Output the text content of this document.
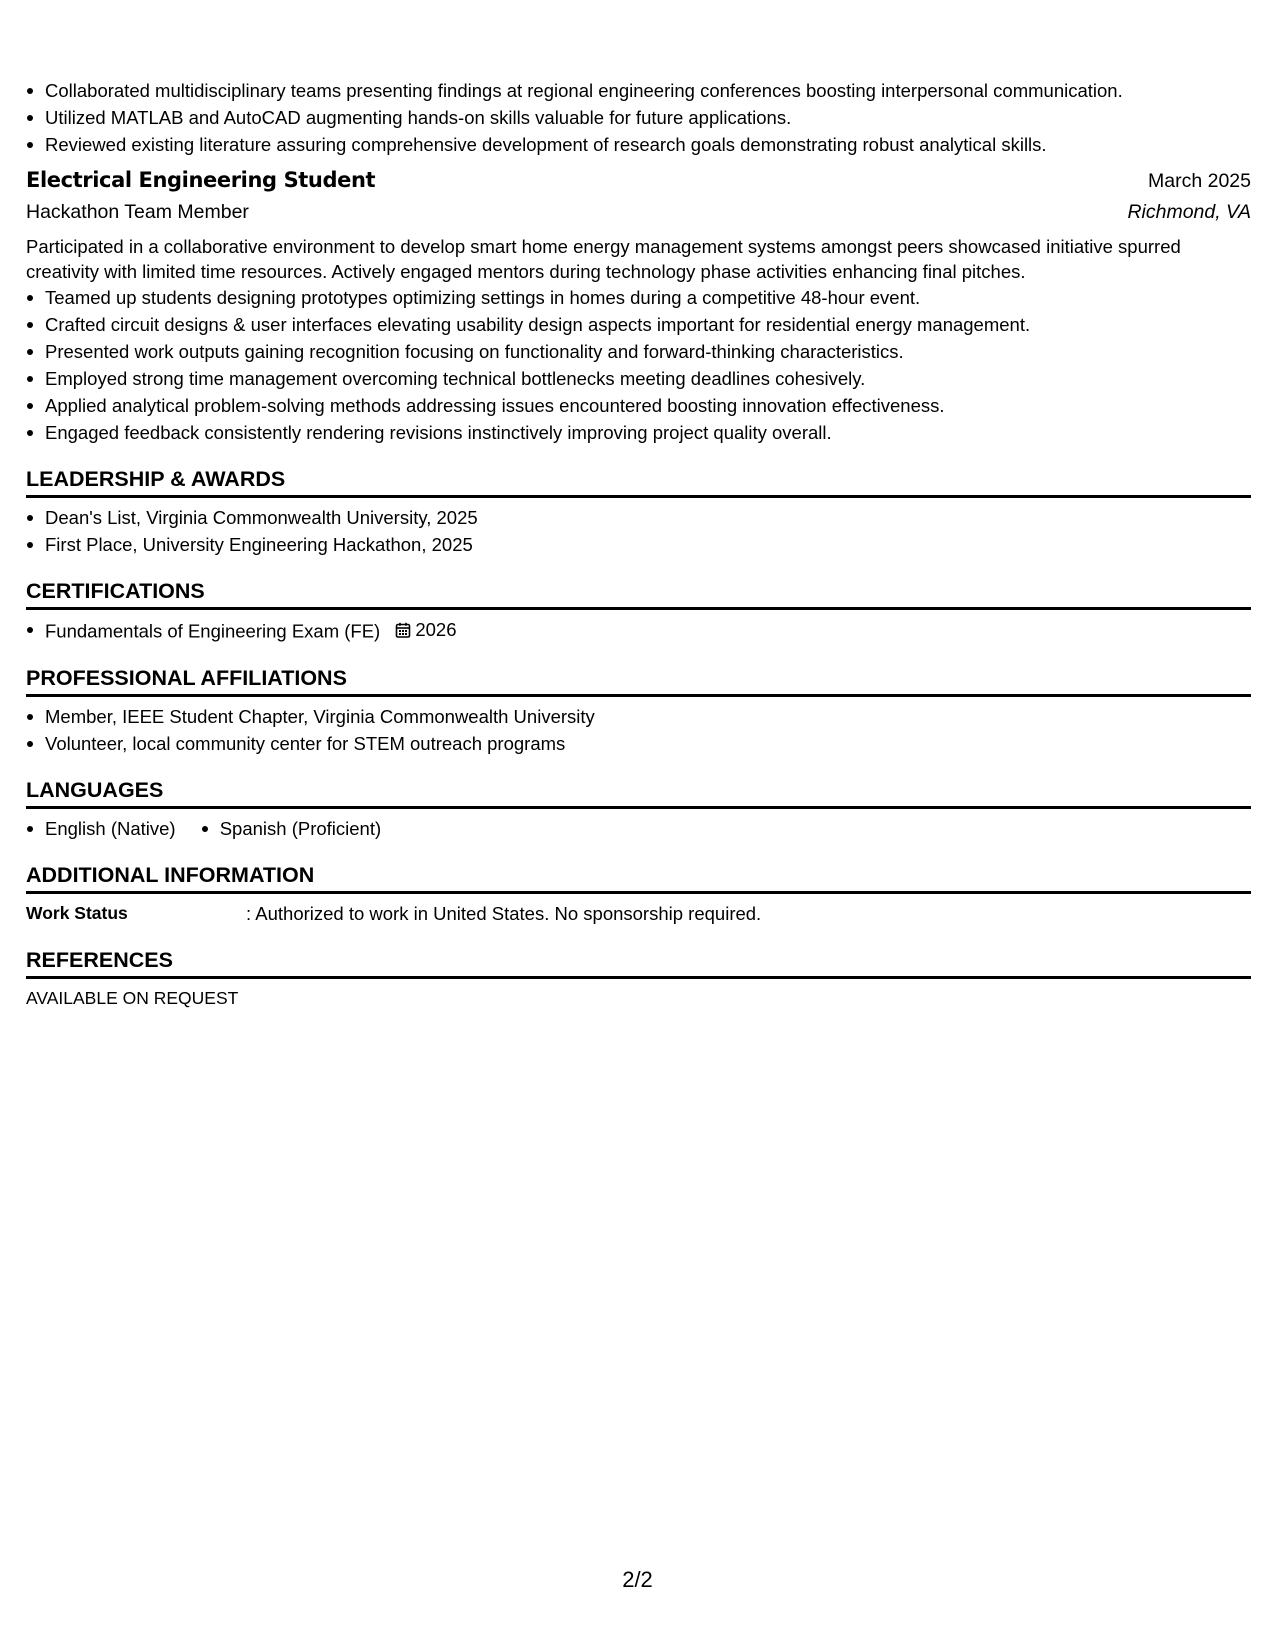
Collaborated multidisciplinary teams presenting findings at regional engineering conferences boosting interpersonal communication.
Utilized MATLAB and AutoCAD augmenting hands-on skills valuable for future applications.
Reviewed existing literature assuring comprehensive development of research goals demonstrating robust analytical skills.
Electrical Engineering Student	March 2025
Hackathon Team Member	Richmond, VA
Participated in a collaborative environment to develop smart home energy management systems amongst peers showcased initiative spurred creativity with limited time resources. Actively engaged mentors during technology phase activities enhancing final pitches.
Teamed up students designing prototypes optimizing settings in homes during a competitive 48-hour event.
Crafted circuit designs & user interfaces elevating usability design aspects important for residential energy management.
Presented work outputs gaining recognition focusing on functionality and forward-thinking characteristics.
Employed strong time management overcoming technical bottlenecks meeting deadlines cohesively.
Applied analytical problem-solving methods addressing issues encountered boosting innovation effectiveness.
Engaged feedback consistently rendering revisions instinctively improving project quality overall.
LEADERSHIP & AWARDS
Dean's List, Virginia Commonwealth University, 2025
First Place, University Engineering Hackathon, 2025
CERTIFICATIONS
Fundamentals of Engineering Exam (FE) 2026
PROFESSIONAL AFFILIATIONS
Member, IEEE Student Chapter, Virginia Commonwealth University
Volunteer, local community center for STEM outreach programs
LANGUAGES
English (Native) Spanish (Proficient)
ADDITIONAL INFORMATION
Work Status	: Authorized to work in United States. No sponsorship required.
REFERENCES
AVAILABLE ON REQUEST
2/2
